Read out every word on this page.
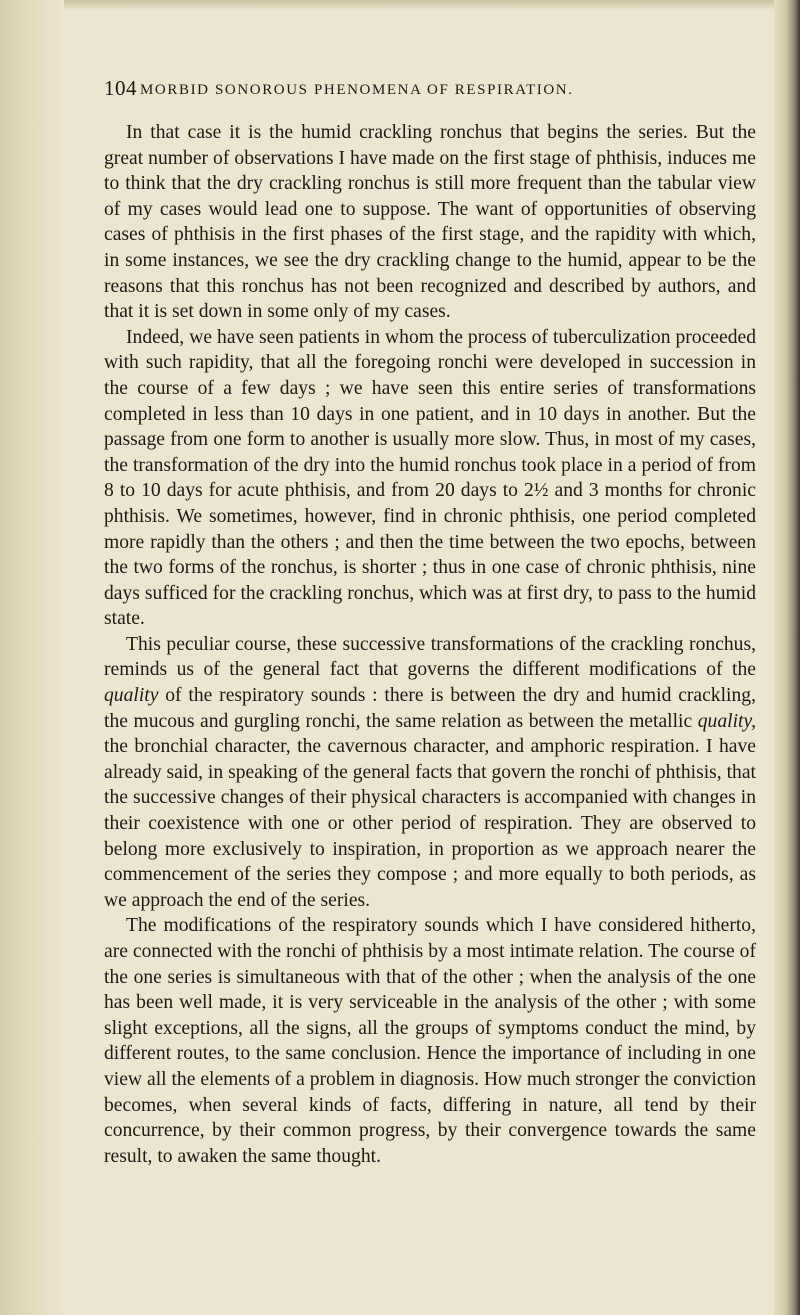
104 MORBID SONOROUS PHENOMENA OF RESPIRATION.

In that case it is the humid crackling ronchus that begins the series. But the great number of observations I have made on the first stage of phthisis, induces me to think that the dry crackling ronchus is still more frequent than the tabular view of my cases would lead one to suppose. The want of opportunities of observing cases of phthisis in the first phases of the first stage, and the rapidity with which, in some instances, we see the dry crackling change to the humid, appear to be the reasons that this ronchus has not been recognized and described by authors, and that it is set down in some only of my cases.

Indeed, we have seen patients in whom the process of tuberculization proceeded with such rapidity, that all the foregoing ronchi were developed in succession in the course of a few days ; we have seen this entire series of transformations completed in less than 10 days in one patient, and in 10 days in another. But the passage from one form to another is usually more slow. Thus, in most of my cases, the transformation of the dry into the humid ronchus took place in a period of from 8 to 10 days for acute phthisis, and from 20 days to 2½ and 3 months for chronic phthisis. We sometimes, however, find in chronic phthisis, one period completed more rapidly than the others ; and then the time between the two epochs, between the two forms of the ronchus, is shorter ; thus in one case of chronic phthisis, nine days sufficed for the crackling ronchus, which was at first dry, to pass to the humid state.

This peculiar course, these successive transformations of the crackling ronchus, reminds us of the general fact that governs the different modifications of the quality of the respiratory sounds : there is between the dry and humid crackling, the mucous and gurgling ronchi, the same relation as between the metallic quality, the bronchial character, the cavernous character, and amphoric respiration. I have already said, in speaking of the general facts that govern the ronchi of phthisis, that the successive changes of their physical characters is accompanied with changes in their coexistence with one or other period of respiration. They are observed to belong more exclusively to inspiration, in proportion as we approach nearer the commencement of the series they compose ; and more equally to both periods, as we approach the end of the series.

The modifications of the respiratory sounds which I have considered hitherto, are connected with the ronchi of phthisis by a most intimate relation. The course of the one series is simultaneous with that of the other ; when the analysis of the one has been well made, it is very serviceable in the analysis of the other ; with some slight exceptions, all the signs, all the groups of symptoms conduct the mind, by different routes, to the same conclusion. Hence the importance of including in one view all the elements of a problem in diagnosis. How much stronger the conviction becomes, when several kinds of facts, differing in nature, all tend by their concurrence, by their common progress, by their convergence towards the same result, to awaken the same thought.
